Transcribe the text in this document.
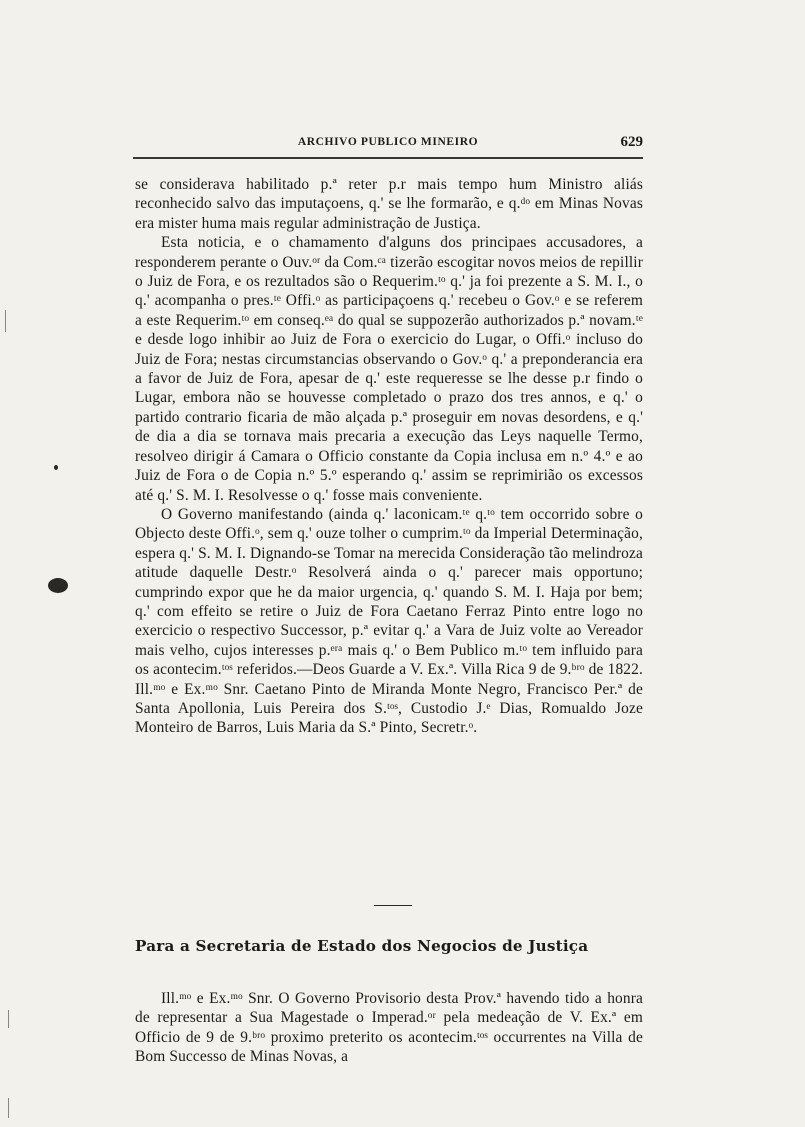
ARCHIVO PUBLICO MINEIRO	629

se considerava habilitado p.ª reter p.r mais tempo hum Ministro aliás reconhecido salvo das imputaçoens, q.' se lhe formarão, e q.ᵈᵒ em Minas Novas era mister huma mais regular administração de Justiça.

Esta noticia, e o chamamento d'alguns dos principaes accusadores, a responderem perante o Ouv.ᵒʳ da Com.ᶜᵃ tizerão escogitar novos meios de repillir o Juiz de Fora, e os rezultados são o Requerim.ᵗᵒ q.' ja foi prezente a S. M. I., o q.' acompanha o pres.ᵗᵉ Offi.ᵒ as participaçoens q.' recebeu o Gov.ᵒ e se referem a este Requerim.ᵗᵒ em conseq.ᵉᵃ do qual se suppozerão authorizados p.ª novam.ᵗᵉ e desde logo inhibir ao Juiz de Fora o exercicio do Lugar, o Offi.ᵒ incluso do Juiz de Fora; nestas circumstancias observando o Gov.ᵒ q.' a preponderancia era a favor de Juiz de Fora, apesar de q.' este requeresse se lhe desse p.r findo o Lugar, embora não se houvesse completado o prazo dos tres annos, e q.' o partido contrario ficaria de mão alçada p.ª proseguir em novas desordens, e q.' de dia a dia se tornava mais precaria a execução das Leys naquelle Termo, resolveo dirigir á Camara o Officio constante da Copia inclusa em n.º 4.º e ao Juiz de Fora o de Copia n.º 5.º esperando q.' assim se reprimirião os excessos até q.' S. M. I. Resolvesse o q.' fosse mais conveniente.

O Governo manifestando (ainda q.' laconicam.ᵗᵉ q.ᵗᵒ tem occorrido sobre o Objecto deste Offi.ᵒ, sem q.' ouze tolher o cumprim.ᵗᵒ da Imperial Determinação, espera q.' S. M. I. Dignando-se Tomar na merecida Consideração tão melindroza atitude daquelle Destr.ᵒ Resolverá ainda o q.' parecer mais opportuno; cumprindo expor que he da maior urgencia, q.' quando S. M. I. Haja por bem; q.' com effeito se retire o Juiz de Fora Caetano Ferraz Pinto entre logo no exercicio o respectivo Successor, p.ª evitar q.' a Vara de Juiz volte ao Vereador mais velho, cujos interesses p.ᵉʳᵃ mais q.' o Bem Publico m.ᵗᵒ tem influido para os acontecim.ᵗᵒˢ referidos.—Deos Guarde a V. Ex.ª. Villa Rica 9 de 9.ᵇʳᵒ de 1822. Ill.ᵐᵒ e Ex.ᵐᵒ Snr. Caetano Pinto de Miranda Monte Negro, Francisco Per.ª de Santa Apollonia, Luis Pereira dos S.ᵗᵒˢ, Custodio J.ᵉ Dias, Romualdo Joze Monteiro de Barros, Luis Maria da S.ª Pinto, Secretr.ᵒ.

Para a Secretaria de Estado dos Negocios de Justiça

Ill.ᵐᵒ e Ex.ᵐᵒ Snr. O Governo Provisorio desta Prov.ª havendo tido a honra de representar a Sua Magestade o Imperad.ᵒʳ pela medeação de V. Ex.ª em Officio de 9 de 9.ᵇʳᵒ proximo preterito os acontecim.ᵗᵒˢ occurrentes na Villa de Bom Successo de Minas Novas, a
